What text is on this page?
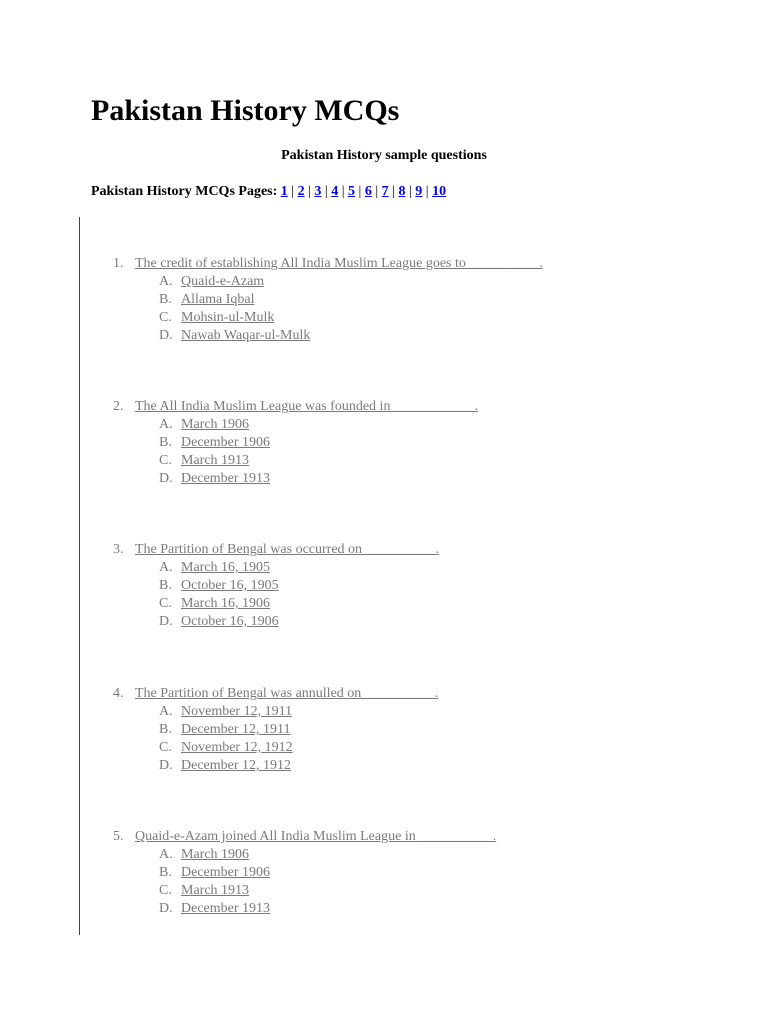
Pakistan History MCQs
Pakistan History sample questions
Pakistan History MCQs Pages: 1 | 2 | 3 | 4 | 5 | 6 | 7 | 8 | 9 | 10
1. The credit of establishing All India Muslim League goes to __________.
A. Quaid-e-Azam
B. Allama Iqbal
C. Mohsin-ul-Mulk
D. Nawab Waqar-ul-Mulk
2. The All India Muslim League was founded in ___________ .
A. March 1906
B. December 1906
C. March 1913
D. December 1913
3. The Partition of Bengal was occurred on __________.
A. March 16, 1905
B. October 16, 1905
C. March 16, 1906
D. October 16, 1906
4. The Partition of Bengal was annulled on __________.
A. November 12, 1911
B. December 12, 1911
C. November 12, 1912
D. December 12, 1912
5. Quaid-e-Azam joined All India Muslim League in __________ .
A. March 1906
B. December 1906
C. March 1913
D. December 1913
